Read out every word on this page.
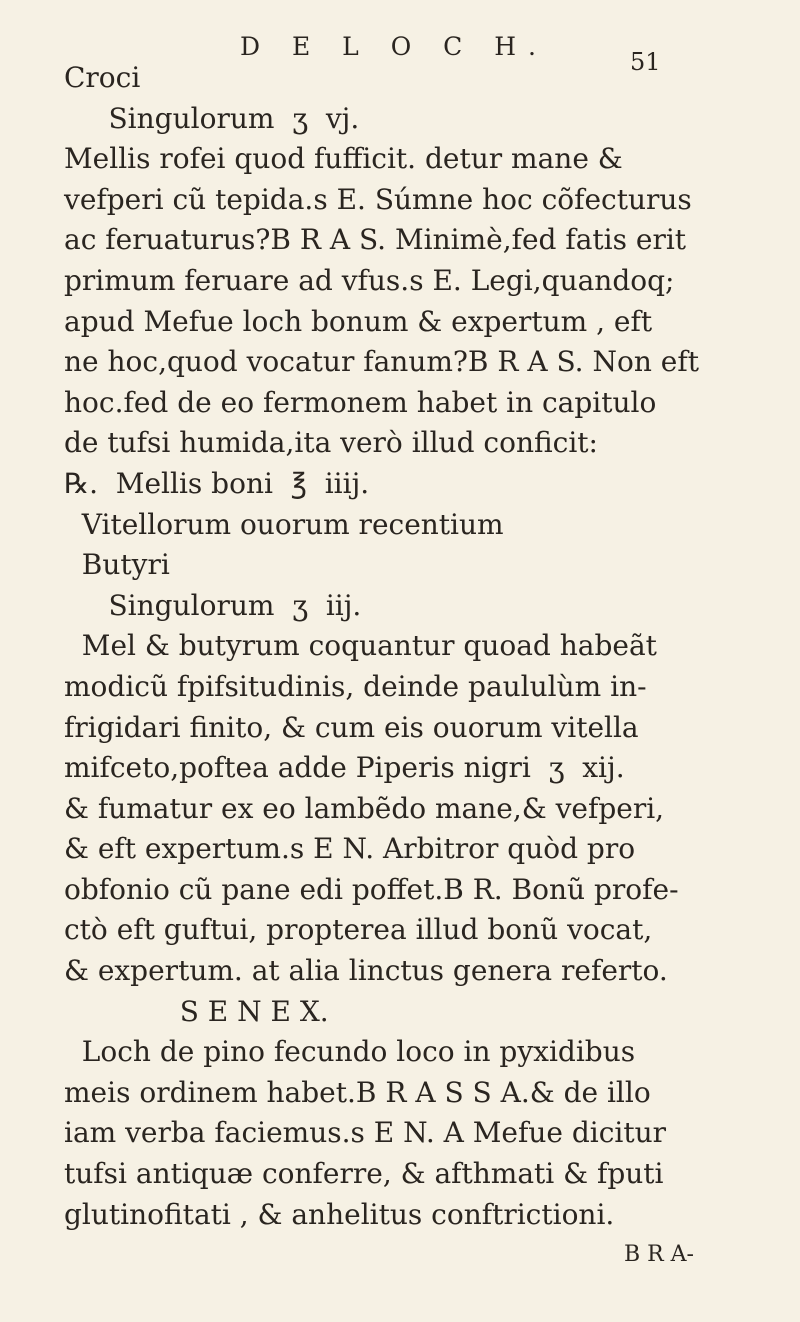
D E L O C H.
51
Croci
Singulorum  ʒ  vj.
Mellis rofei quod fufficit. detur mane &
vefperi cũ tepida.s E. Súmne hoc cõfecturus
ac feruaturus?B R A S. Minimè,fed fatis erit
primum feruare ad vfus.s E. Legi,quandoq;
apud Mefue loch bonum & expertum , eft
ne hoc,quod vocatur fanum?B R A S. Non eft
hoc.fed de eo fermonem habet in capitulo
de tufsi humida,ita verò illud conficit:
℞.  Mellis boni  ℥  iiij.
Vitellorum ouorum recentium
Butyri
Singulorum  ʒ  iij.
Mel & butyrum coquantur quoad habeãt
modicũ fpifsitudinis, deinde paululùm in-
frigidari finito, & cum eis ouorum vitella
mifceto,poftea adde Piperis nigri  ʒ  xij.
& fumatur ex eo lambẽdo mane,& vefperi,
& eft expertum.s E N. Arbitror quòd pro
obfonio cũ pane edi poffet.B R. Bonũ profe-
ctò eft guftui, propterea illud bonũ vocat,
& expertum. at alia linctus genera referto.
S E N E X.
Loch de pino fecundo loco in pyxidibus
meis ordinem habet.B R A S S A.& de illo
iam verba faciemus.s E N. A Mefue dicitur
tufsi antiquæ conferre, & afthmati & fputi
glutinofitati , & anhelitus conftrictioni.
B R A-
